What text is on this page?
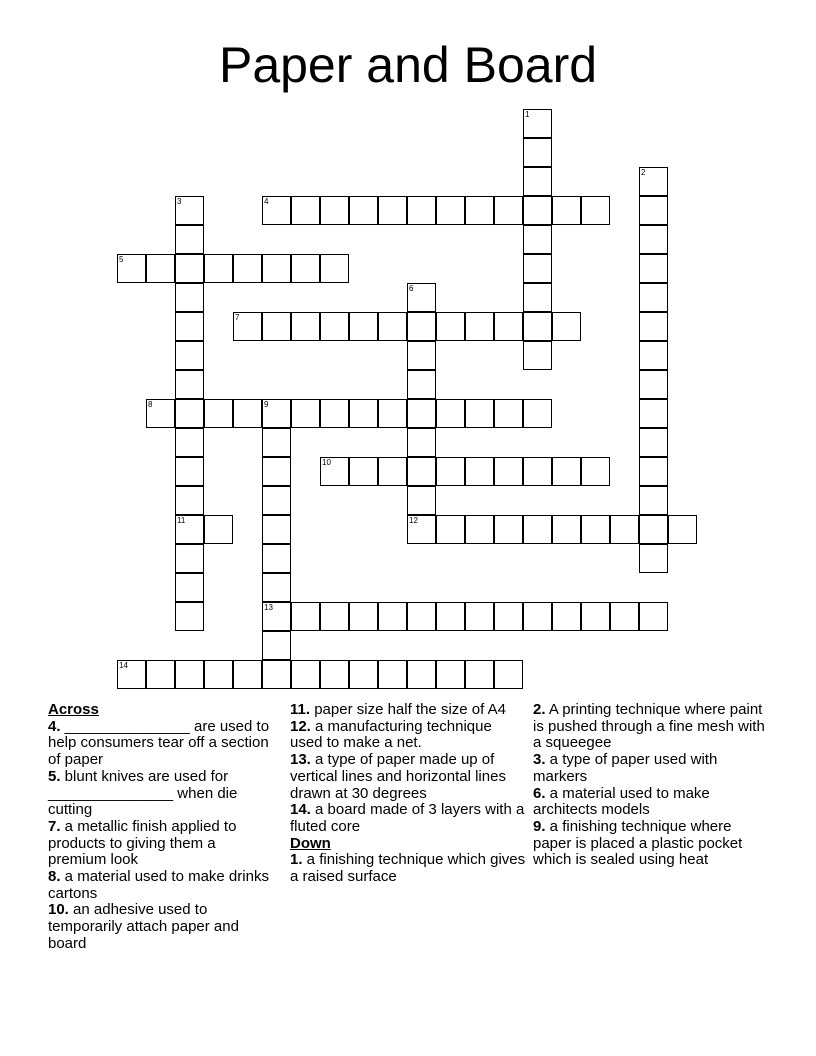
Paper and Board
1
2
3
11
4
5
6
12
7
8	9
13
10
14
Across
4. _______________ are used to help consumers tear off a section of paper
5. blunt knives are used for _______________ when die cutting
7. a metallic finish applied to products to giving them a premium look
8. a material used to make drinks cartons
10. an adhesive used to temporarily attach paper and board
11. paper size half the size of A4
12. a manufacturing technique used to make a net.
13. a type of paper made up of vertical lines and horizontal lines drawn at 30 degrees
14. a board made of 3 layers with a fluted core
Down
1. a finishing technique which gives a raised surface
2. A printing technique where paint is pushed through a fine mesh with a squeegee
3. a type of paper used with markers
6. a material used to make architects models
9. a finishing technique where paper is placed a plastic pocket which is sealed using heat
